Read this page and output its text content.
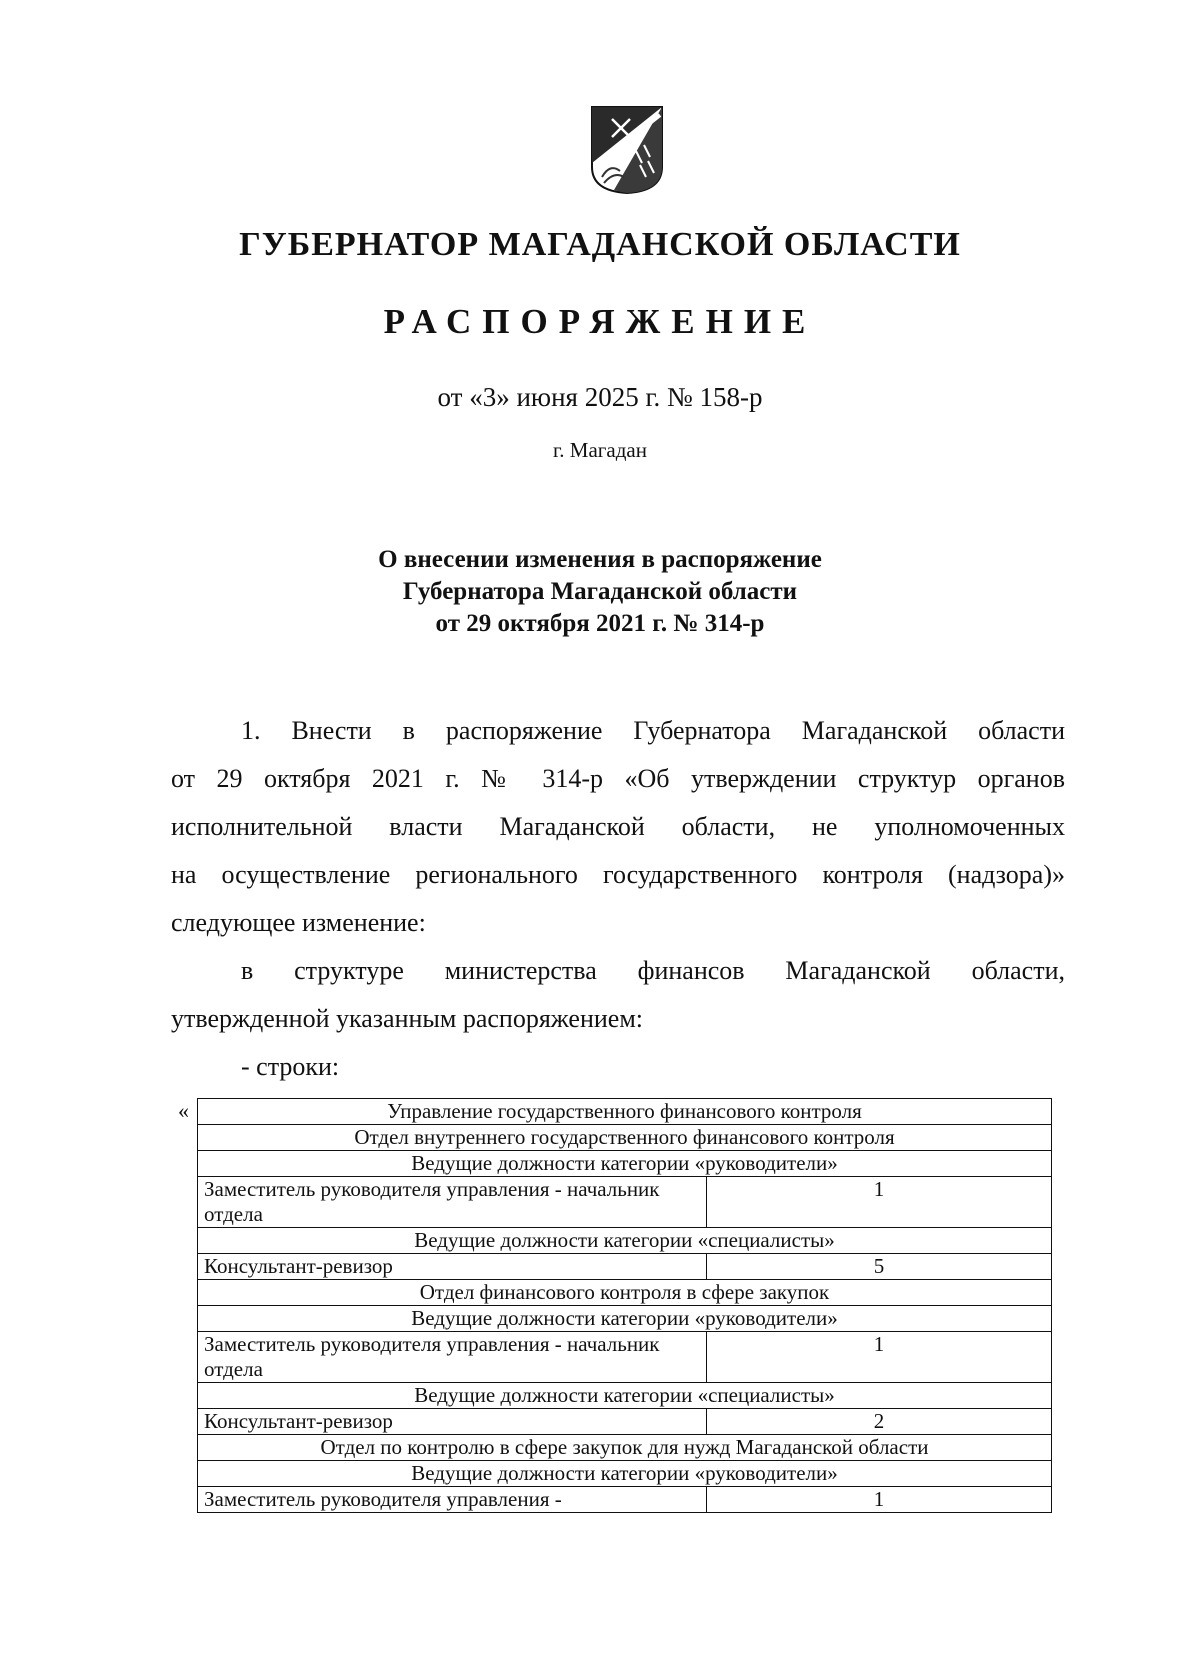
ГУБЕРНАТОР МАГАДАНСКОЙ ОБЛАСТИ
РАСПОРЯЖЕНИЕ
от «3» июня 2025 г. № 158-р
г. Магадан
О внесении изменения в распоряжение
Губернатора Магаданской области
от 29 октября 2021 г. № 314-р
1. Внести в распоряжение Губернатора Магаданской области
от 29 октября 2021 г. № 314-р «Об утверждении структур органов
исполнительной власти Магаданской области, не уполномоченных
на осуществление регионального государственного контроля (надзора)»
следующее изменение:
в структуре министерства финансов Магаданской области,
утвержденной указанным распоряжением:
- строки:
«	Управление государственного финансового контроля	
Отдел внутреннего государственного финансового контроля	
Ведущие должности категории «руководители»	
Заместитель руководителя управления - начальник отдела	1
Ведущие должности категории «специалисты»	
Консультант-ревизор	5
Отдел финансового контроля в сфере закупок	
Ведущие должности категории «руководители»	
Заместитель руководителя управления - начальник отдела	1
Ведущие должности категории «специалисты»	
Консультант-ревизор	2
Отдел по контролю в сфере закупок для нужд Магаданской области	
Ведущие должности категории «руководители»	
Заместитель руководителя управления -	1
